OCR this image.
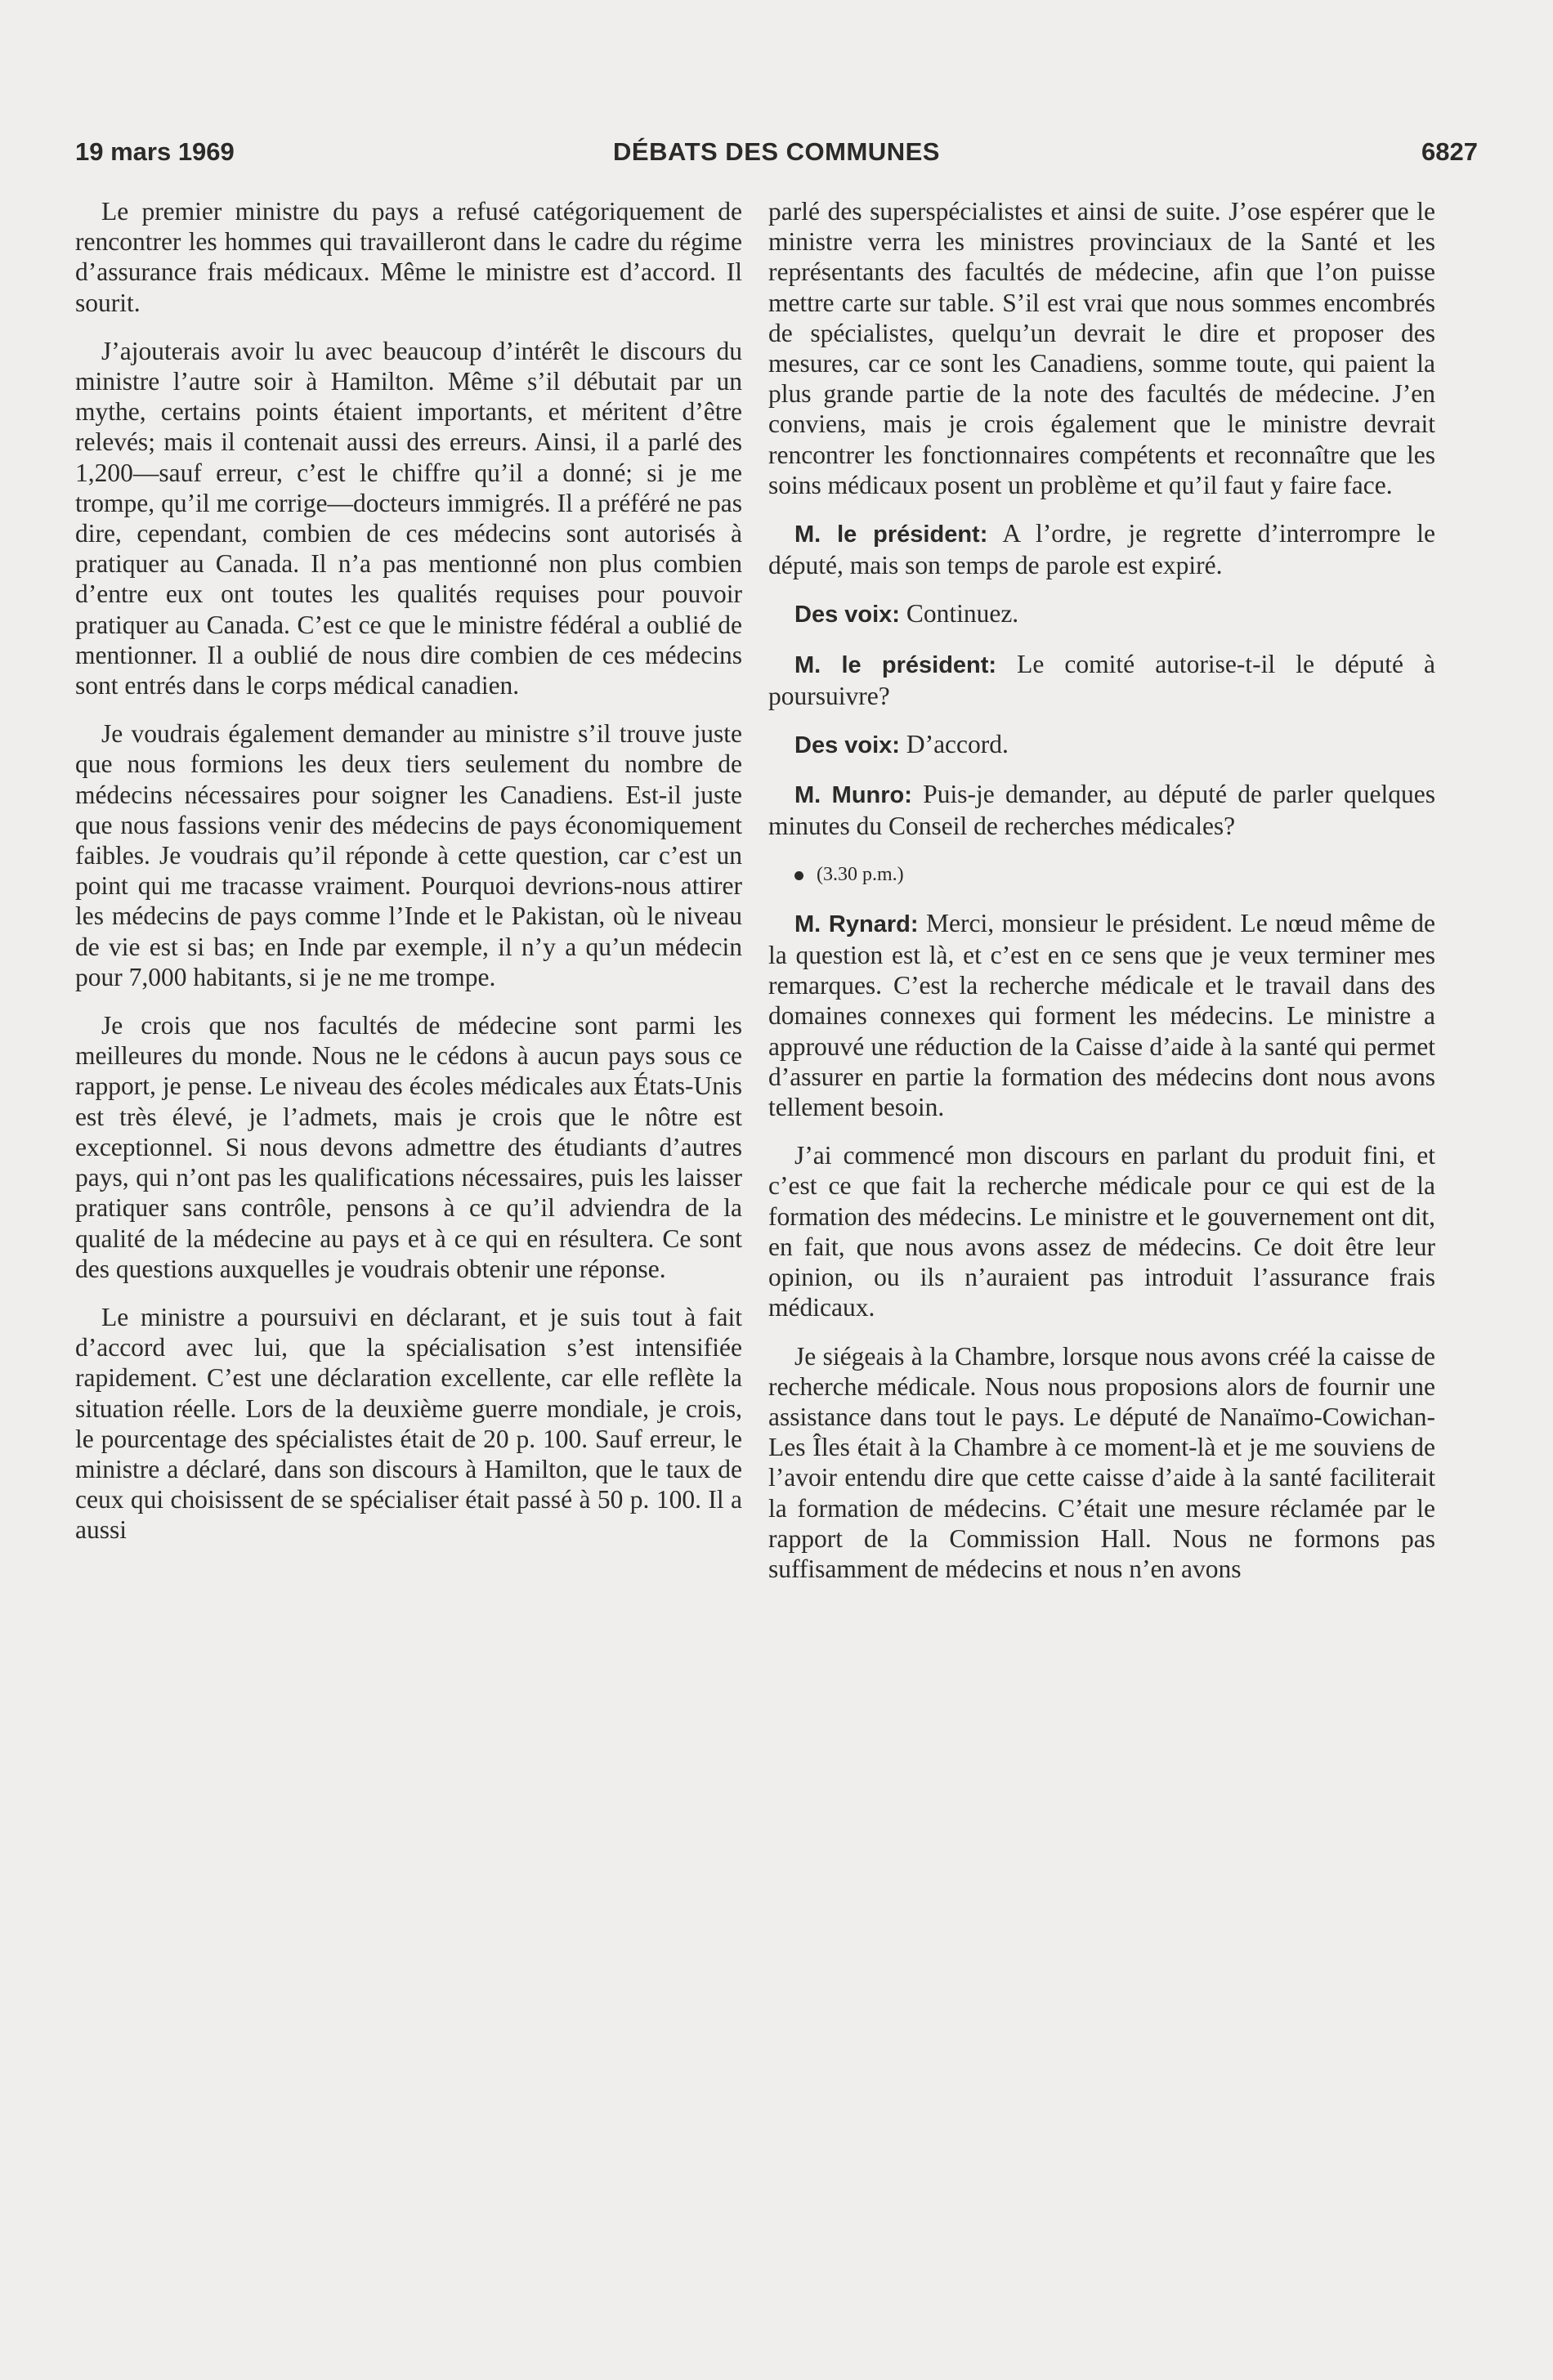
19 mars 1969	DÉBATS DES COMMUNES	6827

Le premier ministre du pays a refusé catégoriquement de rencontrer les hommes qui travailleront dans le cadre du régime d’assurance frais médicaux. Même le ministre est d’accord. Il sourit.

J’ajouterais avoir lu avec beaucoup d’intérêt le discours du ministre l’autre soir à Hamilton. Même s’il débutait par un mythe, certains points étaient importants, et méritent d’être relevés; mais il contenait aussi des erreurs. Ainsi, il a parlé des 1,200—sauf erreur, c’est le chiffre qu’il a donné; si je me trompe, qu’il me corrige—docteurs immigrés. Il a préféré ne pas dire, cependant, combien de ces médecins sont autorisés à pratiquer au Canada. Il n’a pas mentionné non plus combien d’entre eux ont toutes les qualités requises pour pouvoir pratiquer au Canada. C’est ce que le ministre fédéral a oublié de mentionner. Il a oublié de nous dire combien de ces médecins sont entrés dans le corps médical canadien.

Je voudrais également demander au ministre s’il trouve juste que nous formions les deux tiers seulement du nombre de médecins nécessaires pour soigner les Canadiens. Est-il juste que nous fassions venir des médecins de pays économiquement faibles. Je voudrais qu’il réponde à cette question, car c’est un point qui me tracasse vraiment. Pourquoi devrions-nous attirer les médecins de pays comme l’Inde et le Pakistan, où le niveau de vie est si bas; en Inde par exemple, il n’y a qu’un médecin pour 7,000 habitants, si je ne me trompe.

Je crois que nos facultés de médecine sont parmi les meilleures du monde. Nous ne le cédons à aucun pays sous ce rapport, je pense. Le niveau des écoles médicales aux États-Unis est très élevé, je l’admets, mais je crois que le nôtre est exceptionnel. Si nous devons admettre des étudiants d’autres pays, qui n’ont pas les qualifications nécessaires, puis les laisser pratiquer sans contrôle, pensons à ce qu’il adviendra de la qualité de la médecine au pays et à ce qui en résultera. Ce sont des questions auxquelles je voudrais obtenir une réponse.

Le ministre a poursuivi en déclarant, et je suis tout à fait d’accord avec lui, que la spécialisation s’est intensifiée rapidement. C’est une déclaration excellente, car elle reflète la situation réelle. Lors de la deuxième guerre mondiale, je crois, le pourcentage des spécialistes était de 20 p. 100. Sauf erreur, le ministre a déclaré, dans son discours à Hamilton, que le taux de ceux qui choisissent de se spécialiser était passé à 50 p. 100. Il a aussi

parlé des superspécialistes et ainsi de suite. J’ose espérer que le ministre verra les ministres provinciaux de la Santé et les représentants des facultés de médecine, afin que l’on puisse mettre carte sur table. S’il est vrai que nous sommes encombrés de spécialistes, quelqu’un devrait le dire et proposer des mesures, car ce sont les Canadiens, somme toute, qui paient la plus grande partie de la note des facultés de médecine. J’en conviens, mais je crois également que le ministre devrait rencontrer les fonctionnaires compétents et reconnaître que les soins médicaux posent un problème et qu’il faut y faire face.

M. le président: A l’ordre, je regrette d’interrompre le député, mais son temps de parole est expiré.

Des voix: Continuez.

M. le président: Le comité autorise-t-il le député à poursuivre?

Des voix: D’accord.

M. Munro: Puis-je demander, au député de parler quelques minutes du Conseil de recherches médicales?

(3.30 p.m.)

M. Rynard: Merci, monsieur le président. Le nœud même de la question est là, et c’est en ce sens que je veux terminer mes remarques. C’est la recherche médicale et le travail dans des domaines connexes qui forment les médecins. Le ministre a approuvé une réduction de la Caisse d’aide à la santé qui permet d’assurer en partie la formation des médecins dont nous avons tellement besoin.

J’ai commencé mon discours en parlant du produit fini, et c’est ce que fait la recherche médicale pour ce qui est de la formation des médecins. Le ministre et le gouvernement ont dit, en fait, que nous avons assez de médecins. Ce doit être leur opinion, ou ils n’auraient pas introduit l’assurance frais médicaux.

Je siégeais à la Chambre, lorsque nous avons créé la caisse de recherche médicale. Nous nous proposions alors de fournir une assistance dans tout le pays. Le député de Nanaïmo-Cowichan-Les Îles était à la Chambre à ce moment-là et je me souviens de l’avoir entendu dire que cette caisse d’aide à la santé faciliterait la formation de médecins. C’était une mesure réclamée par le rapport de la Commission Hall. Nous ne formons pas suffisamment de médecins et nous n’en avons
